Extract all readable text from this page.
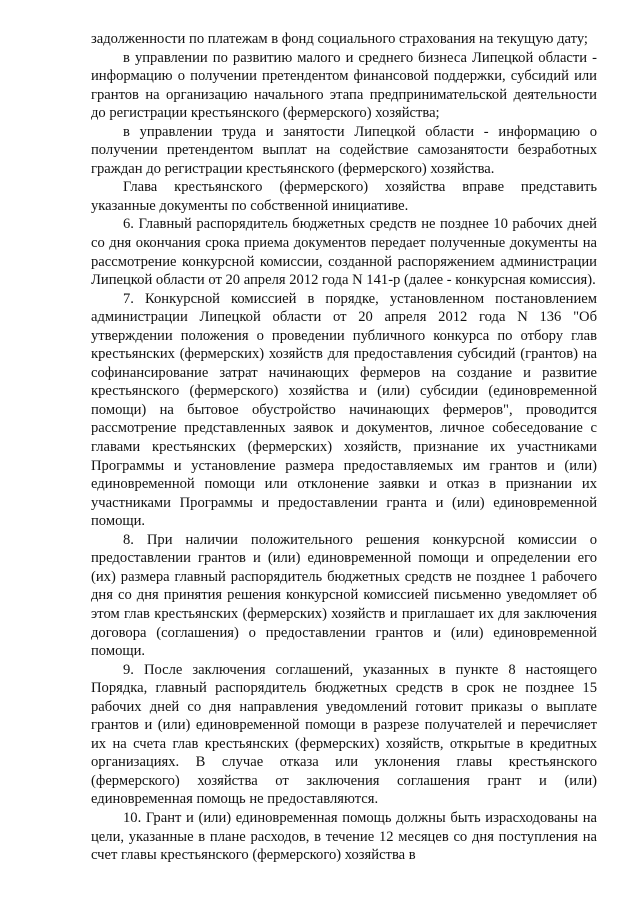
задолженности по платежам в фонд социального страхования на текущую дату;

в управлении по развитию малого и среднего бизнеса Липецкой области - информацию о получении претендентом финансовой поддержки, субсидий или грантов на организацию начального этапа предпринимательской деятельности до регистрации крестьянского (фермерского) хозяйства;

в управлении труда и занятости Липецкой области - информацию о получении претендентом выплат на содействие самозанятости безработных граждан до регистрации крестьянского (фермерского) хозяйства.

Глава крестьянского (фермерского) хозяйства вправе представить указанные документы по собственной инициативе.

6. Главный распорядитель бюджетных средств не позднее 10 рабочих дней со дня окончания срока приема документов передает полученные документы на рассмотрение конкурсной комиссии, созданной распоряжением администрации Липецкой области от 20 апреля 2012 года N 141-р (далее - конкурсная комиссия).

7. Конкурсной комиссией в порядке, установленном постановлением администрации Липецкой области от 20 апреля 2012 года N 136 "Об утверждении положения о проведении публичного конкурса по отбору глав крестьянских (фермерских) хозяйств для предоставления субсидий (грантов) на софинансирование затрат начинающих фермеров на создание и развитие крестьянского (фермерского) хозяйства и (или) субсидии (единовременной помощи) на бытовое обустройство начинающих фермеров", проводится рассмотрение представленных заявок и документов, личное собеседование с главами крестьянских (фермерских) хозяйств, признание их участниками Программы и установление размера предоставляемых им грантов и (или) единовременной помощи или отклонение заявки и отказ в признании их участниками Программы и предоставлении гранта и (или) единовременной помощи.

8. При наличии положительного решения конкурсной комиссии о предоставлении грантов и (или) единовременной помощи и определении его (их) размера главный распорядитель бюджетных средств не позднее 1 рабочего дня со дня принятия решения конкурсной комиссией письменно уведомляет об этом глав крестьянских (фермерских) хозяйств и приглашает их для заключения договора (соглашения) о предоставлении грантов и (или) единовременной помощи.

9. После заключения соглашений, указанных в пункте 8 настоящего Порядка, главный распорядитель бюджетных средств в срок не позднее 15 рабочих дней со дня направления уведомлений готовит приказы о выплате грантов и (или) единовременной помощи в разрезе получателей и перечисляет их на счета глав крестьянских (фермерских) хозяйств, открытые в кредитных организациях. В случае отказа или уклонения главы крестьянского (фермерского) хозяйства от заключения соглашения грант и (или) единовременная помощь не предоставляются.

10. Грант и (или) единовременная помощь должны быть израсходованы на цели, указанные в плане расходов, в течение 12 месяцев со дня поступления на счет главы крестьянского (фермерского) хозяйства в
